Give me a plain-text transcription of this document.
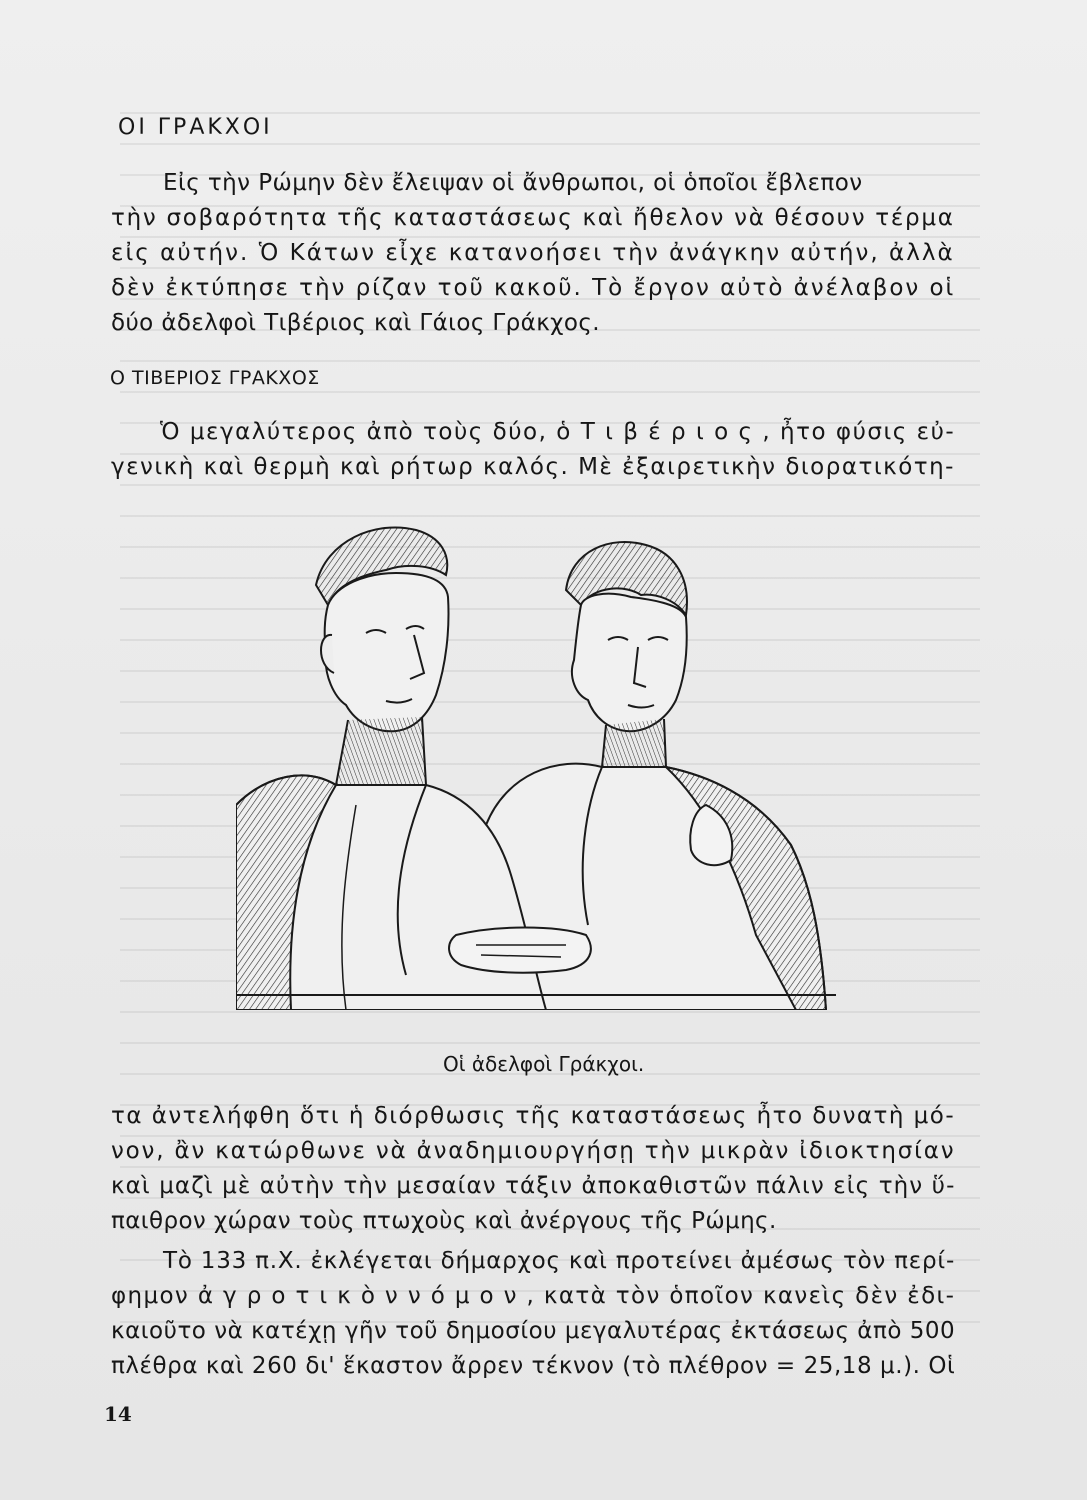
ΟΙ ΓΡΑΚΧΟΙ
Εἰς τὴν Ρώμην δὲν ἔλειψαν οἱ ἄνθρωποι, οἱ ὁποῖοι ἔβλεπον
τὴν σοβαρότητα τῆς καταστάσεως καὶ ἤθελον νὰ θέσουν τέρμα
εἰς αὐτήν. Ὁ Κάτων εἶχε κατανοήσει τὴν ἀνάγκην αὐτήν, ἀλλὰ
δὲν ἐκτύπησε τὴν ρίζαν τοῦ κακοῦ. Τὸ ἔργον αὐτὸ ἀνέλαβον οἱ
δύο ἀδελφοὶ Τιβέριος καὶ Γάιος Γράκχος.
Ο ΤΙΒΕΡΙΟΣ ΓΡΑΚΧΟΣ
Ὁ μεγαλύτερος ἀπὸ τοὺς δύο, ὁ Τ ι β έ ρ ι ο ς , ἦτο φύσις εὐ-
γενικὴ καὶ θερμὴ καὶ ρήτωρ καλός. Μὲ ἐξαιρετικὴν διορατικότη-
Οἱ ἀδελφοὶ Γράκχοι.
τα ἀντελήφθη ὅτι ἡ διόρθωσις τῆς καταστάσεως ἦτο δυνατὴ μό-
νον, ἂν κατώρθωνε νὰ ἀναδημιουργήσῃ τὴν μικρὰν ἰδιοκτησίαν
καὶ μαζὶ μὲ αὐτὴν τὴν μεσαίαν τάξιν ἀποκαθιστῶν πάλιν εἰς τὴν ὕ-
παιθρον χώραν τοὺς πτωχοὺς καὶ ἀνέργους τῆς Ρώμης.
Τὸ 133 π.Χ. ἐκλέγεται δήμαρχος καὶ προτείνει ἀμέσως τὸν περί-
φημον ἀ γ ρ ο τ ι κ ὸ ν ν ό μ ο ν , κατὰ τὸν ὁποῖον κανεὶς δὲν ἐδι-
καιοῦτο νὰ κατέχῃ γῆν τοῦ δημοσίου μεγαλυτέρας ἐκτάσεως ἀπὸ 500
πλέθρα καὶ 260 δι' ἕκαστον ἄρρεν τέκνον (τὸ πλέθρον = 25,18 μ.). Οἱ
14
